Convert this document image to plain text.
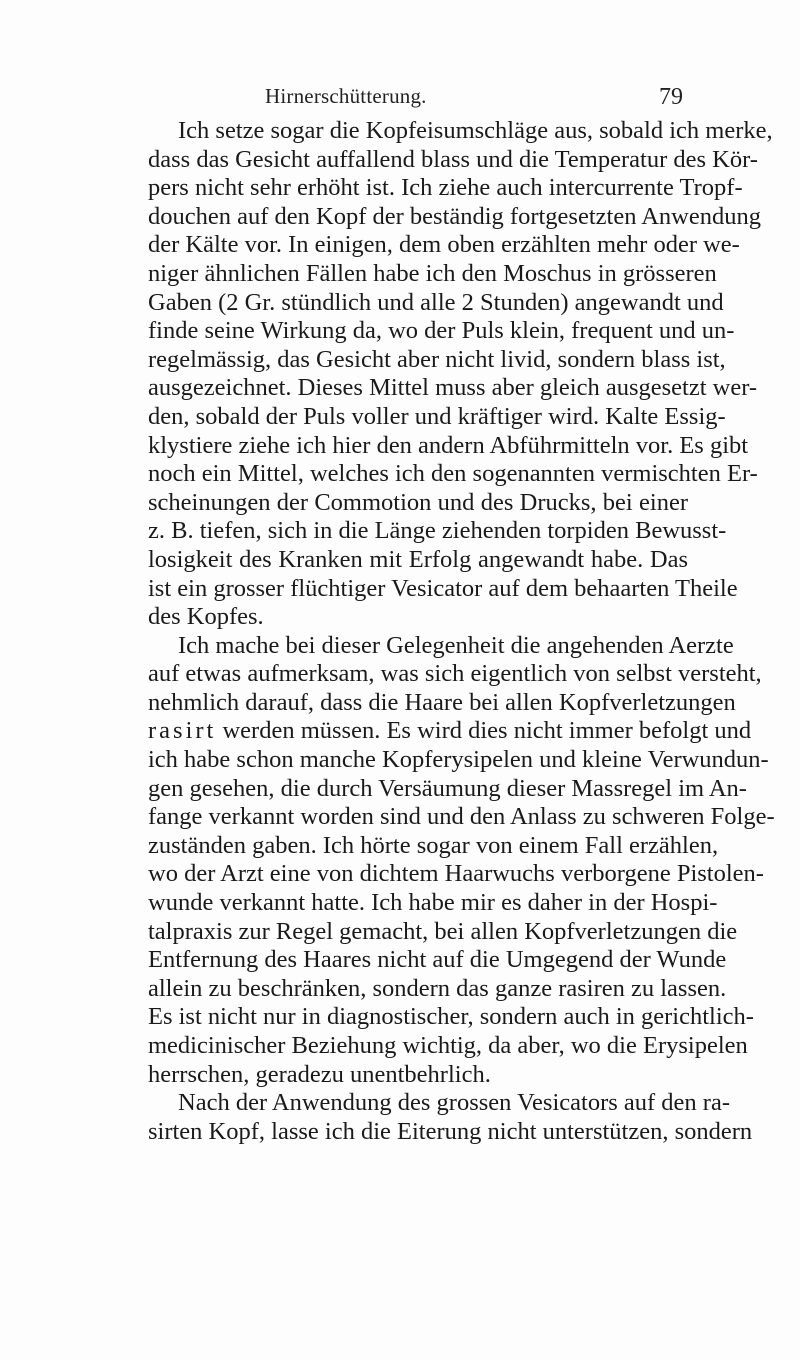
Hirnerschütterung.	79
Ich setze sogar die Kopfeisumschläge aus, sobald ich merke,
dass das Gesicht auffallend blass und die Temperatur des Kör-
pers nicht sehr erhöht ist. Ich ziehe auch intercurrente Tropf-
douchen auf den Kopf der beständig fortgesetzten Anwendung
der Kälte vor. In einigen, dem oben erzählten mehr oder we-
niger ähnlichen Fällen habe ich den Moschus in grösseren
Gaben (2 Gr. stündlich und alle 2 Stunden) angewandt und
finde seine Wirkung da, wo der Puls klein, frequent und un-
regelmässig, das Gesicht aber nicht livid, sondern blass ist,
ausgezeichnet. Dieses Mittel muss aber gleich ausgesetzt wer-
den, sobald der Puls voller und kräftiger wird. Kalte Essig-
klystiere ziehe ich hier den andern Abführmitteln vor. Es gibt
noch ein Mittel, welches ich den sogenannten vermischten Er-
scheinungen der Commotion und des Drucks, bei einer
z. B. tiefen, sich in die Länge ziehenden torpiden Bewusst-
losigkeit des Kranken mit Erfolg angewandt habe. Das
ist ein grosser flüchtiger Vesicator auf dem behaarten Theile
des Kopfes.
Ich mache bei dieser Gelegenheit die angehenden Aerzte
auf etwas aufmerksam, was sich eigentlich von selbst versteht,
nehmlich darauf, dass die Haare bei allen Kopfverletzungen
rasirt werden müssen. Es wird dies nicht immer befolgt und
ich habe schon manche Kopferysipelen und kleine Verwundun-
gen gesehen, die durch Versäumung dieser Massregel im An-
fange verkannt worden sind und den Anlass zu schweren Folge-
zuständen gaben. Ich hörte sogar von einem Fall erzählen,
wo der Arzt eine von dichtem Haarwuchs verborgene Pistolen-
wunde verkannt hatte. Ich habe mir es daher in der Hospi-
talpraxis zur Regel gemacht, bei allen Kopfverletzungen die
Entfernung des Haares nicht auf die Umgegend der Wunde
allein zu beschränken, sondern das ganze rasiren zu lassen.
Es ist nicht nur in diagnostischer, sondern auch in gerichtlich-
medicinischer Beziehung wichtig, da aber, wo die Erysipelen
herrschen, geradezu unentbehrlich.
Nach der Anwendung des grossen Vesicators auf den ra-
sirten Kopf, lasse ich die Eiterung nicht unterstützen, sondern
